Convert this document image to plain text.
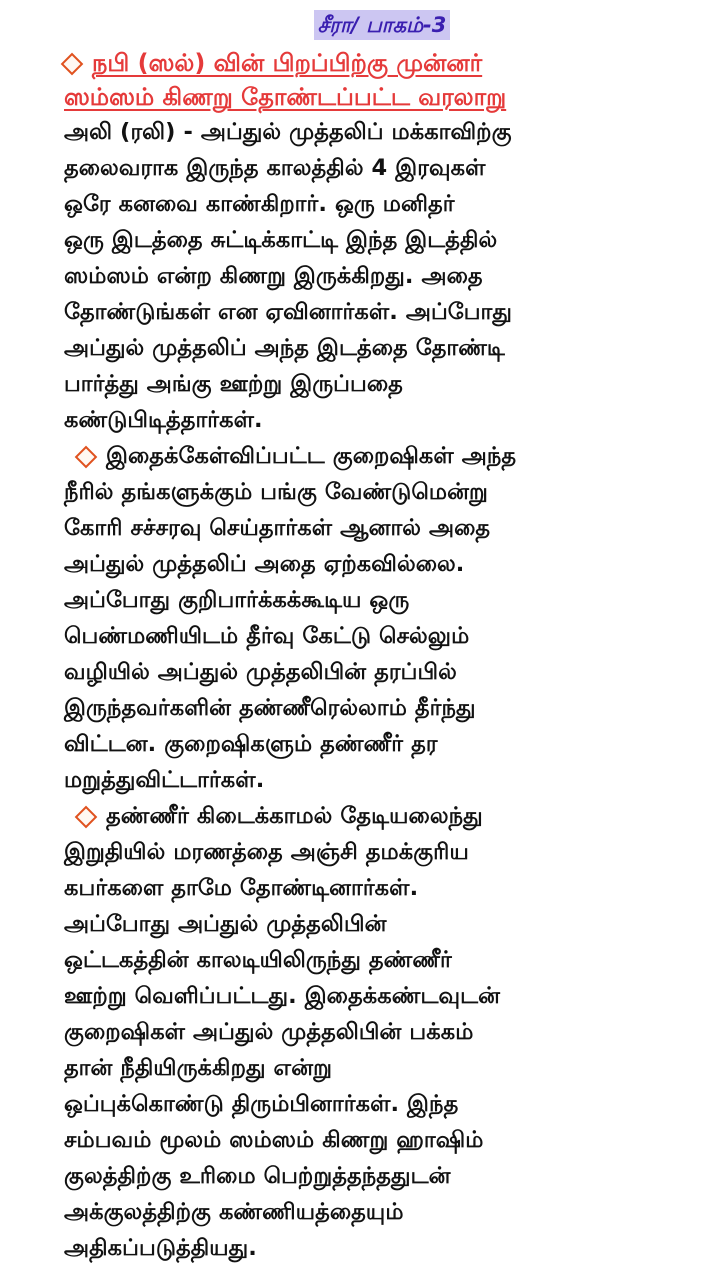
சீரா/ பாகம்-3
நபி (ஸல்) வின் பிறப்பிற்கு முன்னர்
ஸம்ஸம் கிணறு தோண்டப்பட்ட வரலாறு
அலி (ரலி) - அப்துல் முத்தலிப் மக்காவிற்கு
தலைவராக இருந்த காலத்தில் 4 இரவுகள்
ஒரே கனவை காண்கிறார். ஒரு மனிதர்
ஒரு இடத்தை சுட்டிக்காட்டி இந்த இடத்தில்
ஸம்ஸம் என்ற கிணறு இருக்கிறது. அதை
தோண்டுங்கள் என ஏவினார்கள். அப்போது
அப்துல் முத்தலிப் அந்த இடத்தை தோண்டி
பார்த்து அங்கு ஊற்று இருப்பதை
கண்டுபிடித்தார்கள்.
இதைக்கேள்விப்பட்ட குறைஷிகள் அந்த
நீரில் தங்களுக்கும் பங்கு வேண்டுமென்று
கோரி சச்சரவு செய்தார்கள் ஆனால் அதை
அப்துல் முத்தலிப் அதை ஏற்கவில்லை.
அப்போது குறிபார்க்கக்கூடிய ஒரு
பெண்மணியிடம் தீர்வு கேட்டு செல்லும்
வழியில் அப்துல் முத்தலிபின் தரப்பில்
இருந்தவர்களின் தண்ணீரெல்லாம் தீர்ந்து
விட்டன. குறைஷிகளும் தண்ணீர் தர
மறுத்துவிட்டார்கள்.
தண்ணீர் கிடைக்காமல் தேடியலைந்து
இறுதியில் மரணத்தை அஞ்சி தமக்குரிய
கபர்களை தாமே தோண்டினார்கள்.
அப்போது அப்துல் முத்தலிபின்
ஒட்டகத்தின் காலடியிலிருந்து தண்ணீர்
ஊற்று வெளிப்பட்டது. இதைக்கண்டவுடன்
குறைஷிகள் அப்துல் முத்தலிபின் பக்கம்
தான் நீதியிருக்கிறது என்று
ஒப்புக்கொண்டு திரும்பினார்கள். இந்த
சம்பவம் மூலம் ஸம்ஸம் கிணறு ஹாஷிம்
குலத்திற்கு உரிமை பெற்றுத்தந்ததுடன்
அக்குலத்திற்கு கண்ணியத்தையும்
அதிகப்படுத்தியது.
